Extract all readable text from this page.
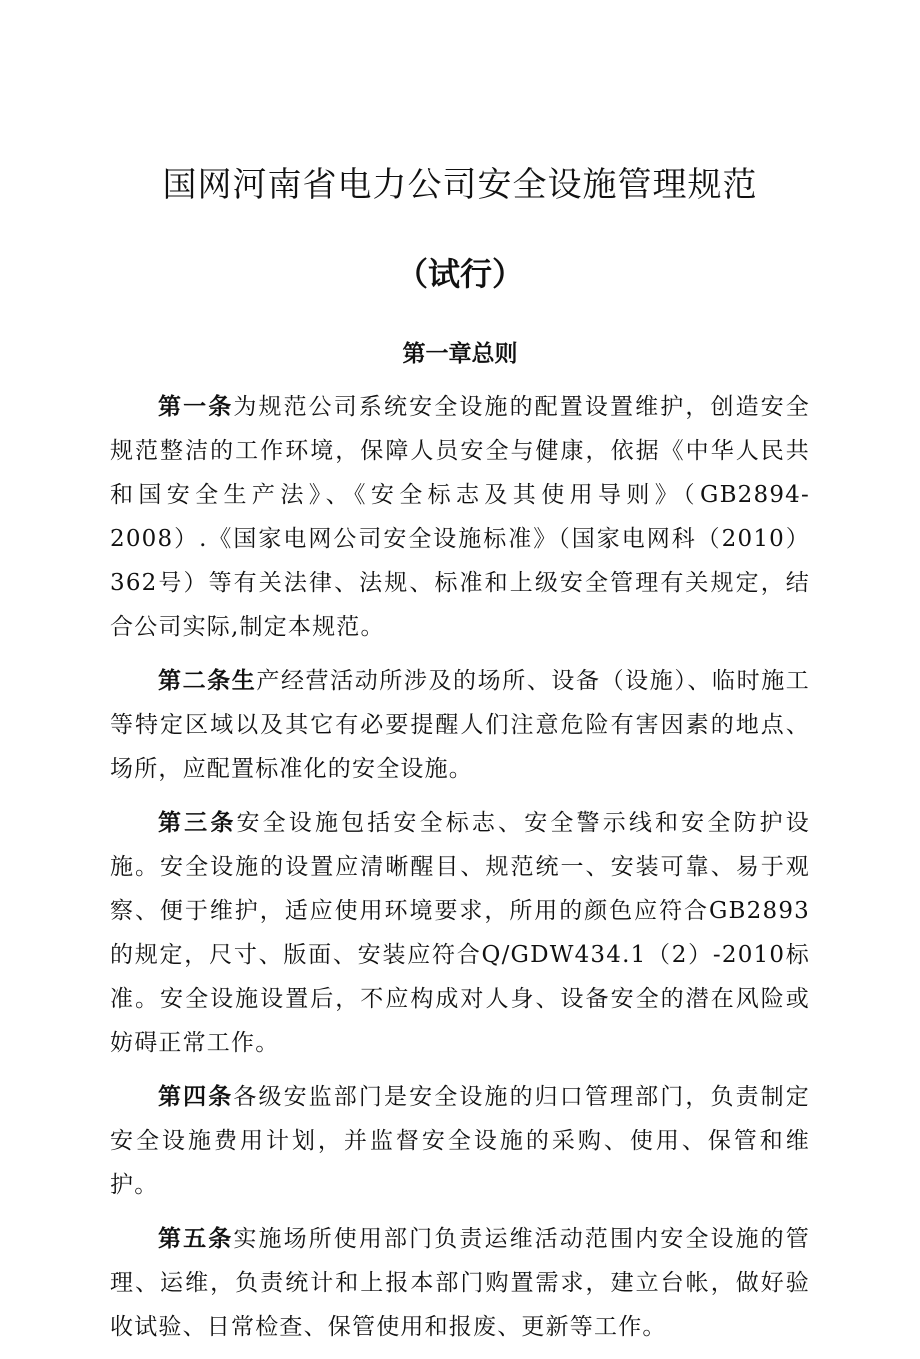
国网河南省电力公司安全设施管理规范
（试行）
第一章总则

第一条为规范公司系统安全设施的配置设置维护，创造安全规范整洁的工作环境，保障人员安全与健康，依据《中华人民共和国安全生产法》、《安全标志及其使用导则》（GB2894-2008）.《国家电网公司安全设施标准》（国家电网科（2010）362号）等有关法律、法规、标准和上级安全管理有关规定，结合公司实际,制定本规范。

第二条生产经营活动所涉及的场所、设备（设施）、临时施工等特定区域以及其它有必要提醒人们注意危险有害因素的地点、场所，应配置标准化的安全设施。

第三条安全设施包括安全标志、安全警示线和安全防护设施。安全设施的设置应清晰醒目、规范统一、安装可靠、易于观察、便于维护，适应使用环境要求，所用的颜色应符合GB2893的规定，尺寸、版面、安装应符合Q/GDW434.1（2）-2010标准。安全设施设置后，不应构成对人身、设备安全的潜在风险或妨碍正常工作。

第四条各级安监部门是安全设施的归口管理部门，负责制定安全设施费用计划，并监督安全设施的采购、使用、保管和维护。

第五条实施场所使用部门负责运维活动范围内安全设施的管理、运维，负责统计和上报本部门购置需求，建立台帐，做好验收试验、日常检查、保管使用和报废、更新等工作。
